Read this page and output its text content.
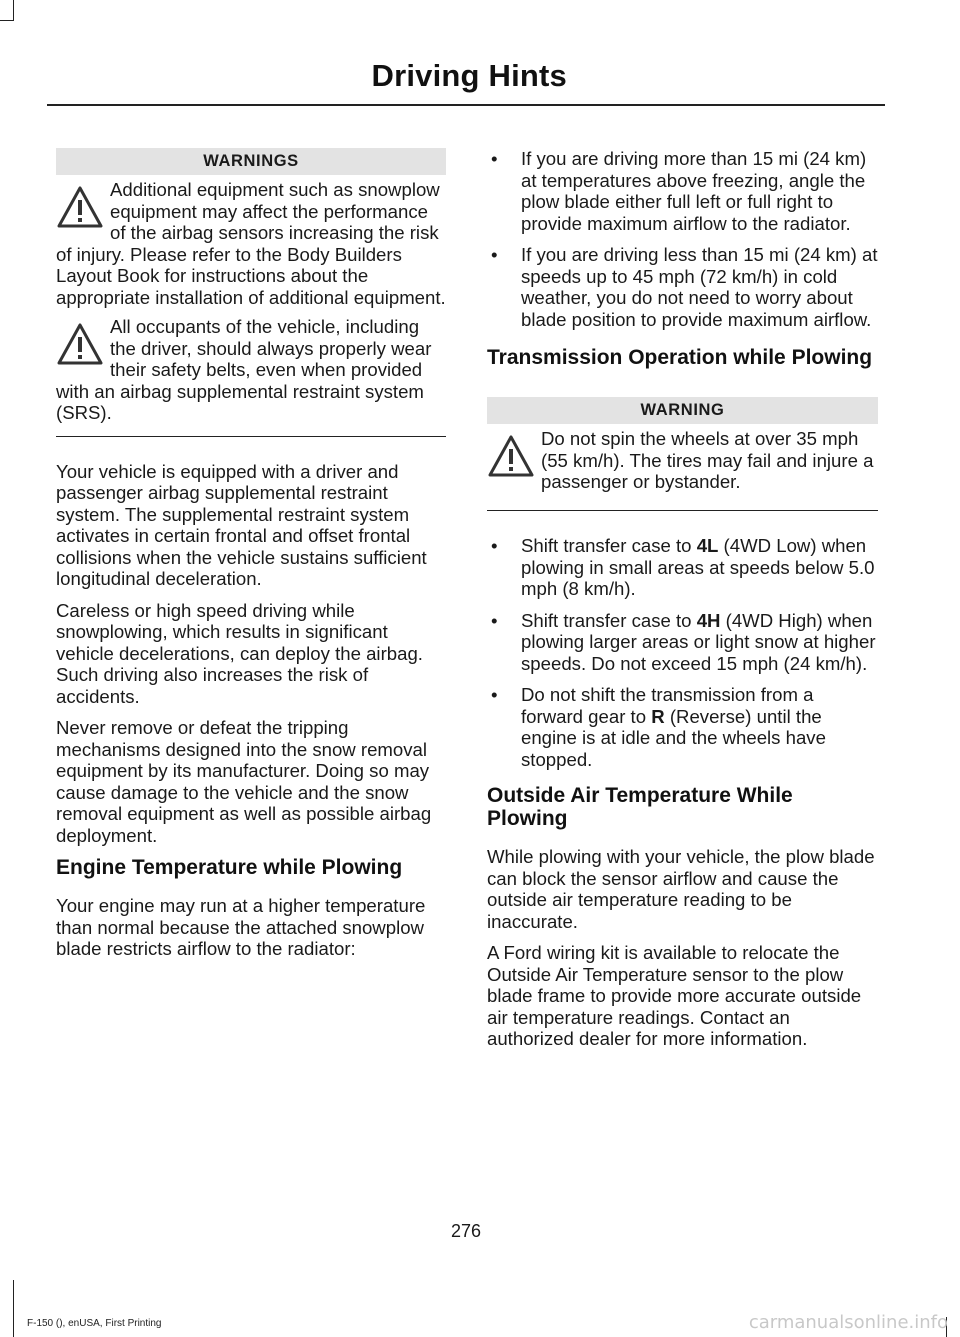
Driving Hints
WARNINGS
Additional equipment such as snowplow equipment may affect the performance of the airbag sensors increasing the risk of injury. Please refer to the Body Builders Layout Book for instructions about the appropriate installation of additional equipment.
All occupants of the vehicle, including the driver, should always properly wear their safety belts, even when provided with an airbag supplemental restraint system (SRS).

Your vehicle is equipped with a driver and passenger airbag supplemental restraint system. The supplemental restraint system activates in certain frontal and offset frontal collisions when the vehicle sustains sufficient longitudinal deceleration.

Careless or high speed driving while snowplowing, which results in significant vehicle decelerations, can deploy the airbag. Such driving also increases the risk of accidents.

Never remove or defeat the tripping mechanisms designed into the snow removal equipment by its manufacturer. Doing so may cause damage to the vehicle and the snow removal equipment as well as possible airbag deployment.

Engine Temperature while Plowing

Your engine may run at a higher temperature than normal because the attached snowplow blade restricts airflow to the radiator:

• If you are driving more than 15 mi (24 km) at temperatures above freezing, angle the plow blade either full left or full right to provide maximum airflow to the radiator.
• If you are driving less than 15 mi (24 km) at speeds up to 45 mph (72 km/h) in cold weather, you do not need to worry about blade position to provide maximum airflow.
Transmission Operation while Plowing
WARNING
Do not spin the wheels at over 35 mph (55 km/h). The tires may fail and injure a passenger or bystander.
• Shift transfer case to 4L (4WD Low) when plowing in small areas at speeds below 5.0 mph (8 km/h).
• Shift transfer case to 4H (4WD High) when plowing larger areas or light snow at higher speeds. Do not exceed 15 mph (24 km/h).
• Do not shift the transmission from a forward gear to R (Reverse) until the engine is at idle and the wheels have stopped.
Outside Air Temperature While Plowing

While plowing with your vehicle, the plow blade can block the sensor airflow and cause the outside air temperature reading to be inaccurate.

A Ford wiring kit is available to relocate the Outside Air Temperature sensor to the plow blade frame to provide more accurate outside air temperature readings. Contact an authorized dealer for more information.

276
F-150 (), enUSA, First Printing	carmanualsonline.info
